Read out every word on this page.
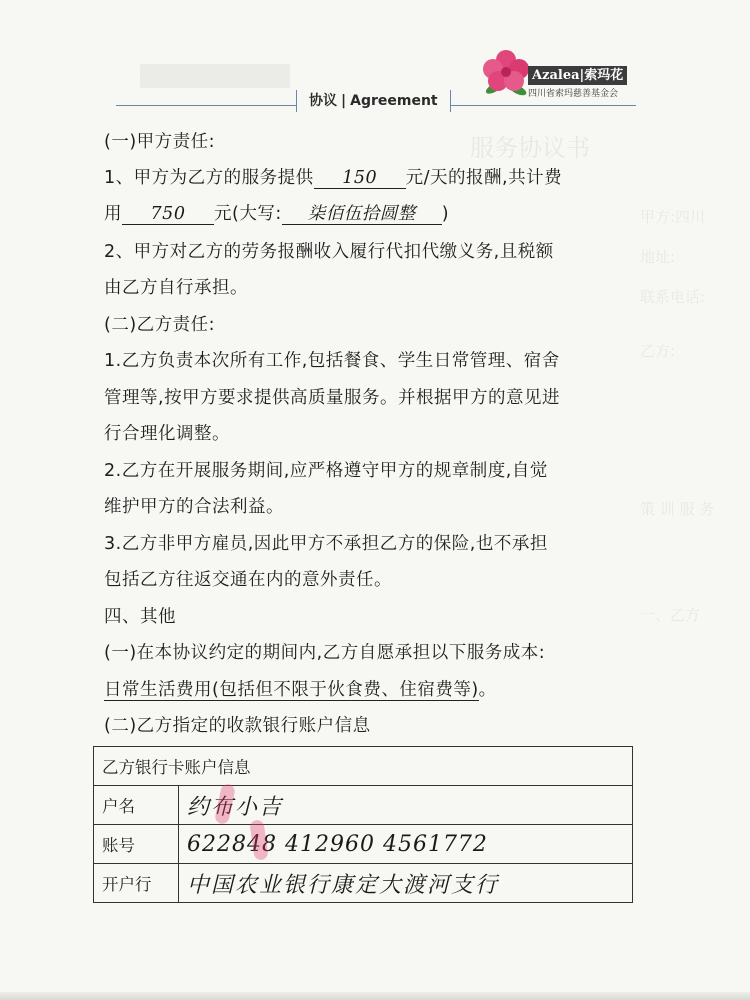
服务协议书
甲方:四川
地址:
联系电话:
乙方:
策 训 服 务
一、乙方
Azalea|索玛花
四川省索玛慈善基金会
协议 | Agreement
(一)甲方责任:
1、甲方为乙方的服务提供 150 元/天的报酬,共计费
用 750 元(大写: 柒佰伍拾圆整 )
2、甲方对乙方的劳务报酬收入履行代扣代缴义务,且税额
由乙方自行承担。
(二)乙方责任:
1.乙方负责本次所有工作,包括餐食、学生日常管理、宿舍
管理等,按甲方要求提供高质量服务。并根据甲方的意见进
行合理化调整。
2.乙方在开展服务期间,应严格遵守甲方的规章制度,自觉
维护甲方的合法利益。
3.乙方非甲方雇员,因此甲方不承担乙方的保险,也不承担
包括乙方往返交通在内的意外责任。
四、其他
(一)在本协议约定的期间内,乙方自愿承担以下服务成本:
日常生活费用(包括但不限于伙食费、住宿费等)。
(二)乙方指定的收款银行账户信息
乙方银行卡账户信息	
户名	约布小吉
账号	622848 412960 4561772
开户行	中国农业银行康定大渡河支行
